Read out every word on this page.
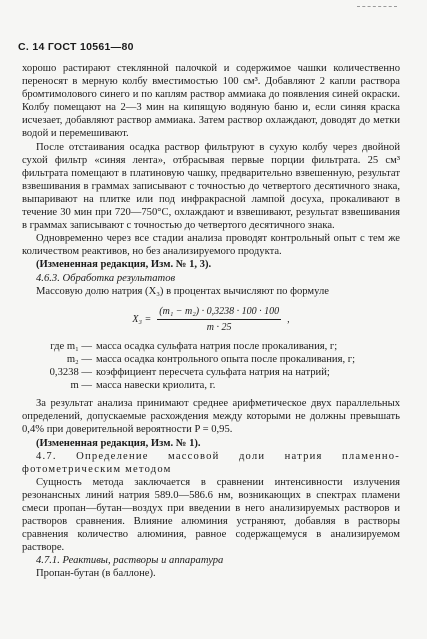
С. 14 ГОСТ 10561—80

хорошо растирают стеклянной палочкой и содержимое чашки количественно переносят в мерную колбу вместимостью 100 см³. Добавляют 2 капли раствора бромтимолового синего и по каплям раствор аммиака до появления синей окраски. Колбу помещают на 2—3 мин на кипящую водяную баню и, если синяя краска исчезает, добавляют раствор аммиака. Затем раствор охлаждают, доводят до метки водой и перемешивают.

После отстаивания осадка раствор фильтруют в сухую колбу через двойной сухой фильтр «синяя лента», отбрасывая первые порции фильтрата. 25 см³ фильтрата помещают в платиновую чашку, предварительно взвешенную, результат взвешивания в граммах записывают с точностью до четвертого десятичного знака, выпаривают на плитке или под инфракрасной лампой досуха, прокаливают в течение 30 мин при 720—750°С, охлаждают и взвешивают, результат взвешивания в граммах записывают с точностью до четвертого десятичного знака.

Одновременно через все стадии анализа проводят контрольный опыт с тем же количеством реактивов, но без анализируемого продукта.

(Измененная редакция, Изм. № 1, 3).

4.6.3. Обработка результатов

Массовую долю натрия (X₃) в процентах вычисляют по формуле

$X_3 = \frac{\text{(m₁ − m₂) · 0,3238 · 100 · 100}}{m \cdot 25}$ ,
где m₁ — масса осадка сульфата натрия после прокаливания, г;
m₂ — масса осадка контрольного опыта после прокаливания, г;
0,3238 — коэффициент пересчета сульфата натрия на натрий;
m — масса навески криолита, г.

За результат анализа принимают среднее арифметическое двух параллельных определений, допускаемые расхождения между которыми не должны превышать 0,4% при доверительной вероятности P = 0,95.

(Измененная редакция, Изм. № 1).

4.7. Определение массовой доли натрия пламенно-фотометрическим методом

Сущность метода заключается в сравнении интенсивности излучения резонансных линий натрия 589.0—586.6 нм, возникающих в спектрах пламени смеси пропан—бутан—воздух при введении в него анализируемых растворов и растворов сравнения. Влияние алюминия устраняют, добавляя в растворы сравнения количество алюминия, равное содержащемуся в анализируемом растворе.

4.7.1. Реактивы, растворы и аппаратура

Пропан-бутан (в баллоне).
